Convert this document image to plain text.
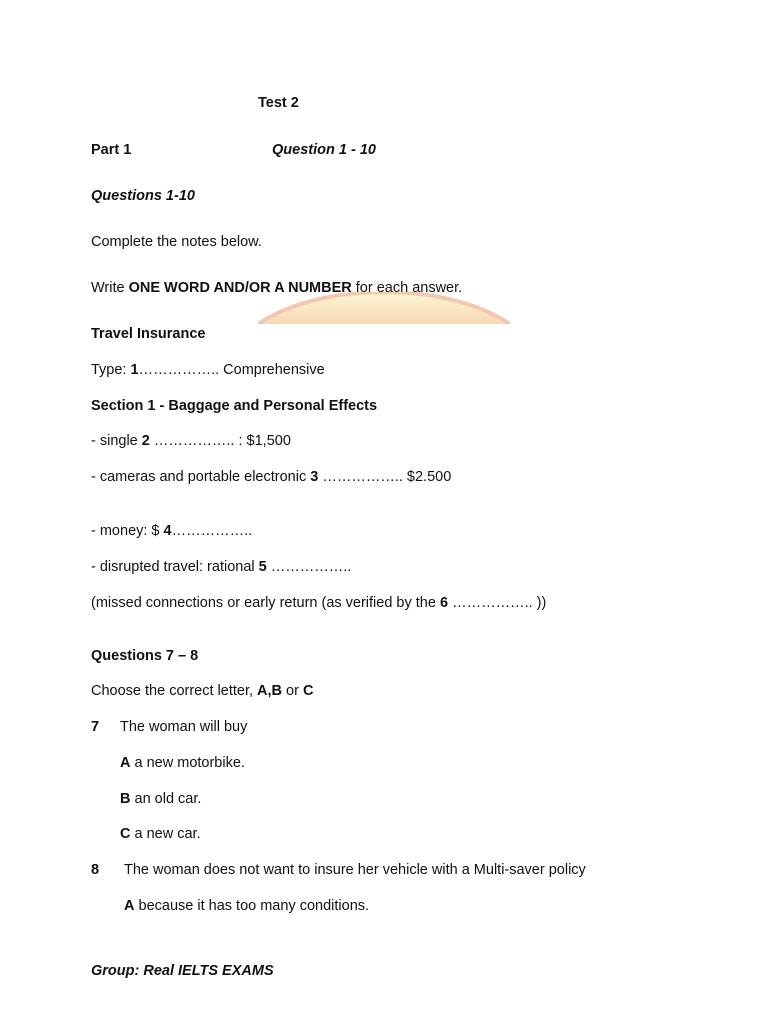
Test 2
Part 1	Question 1 - 10
Questions 1-10
Complete the notes below.
Write ONE WORD AND/OR A NUMBER for each answer.
Travel Insurance
Type: 1…………….. Comprehensive
Section 1 - Baggage and Personal Effects
- single 2 …………….. : $1,500
- cameras and portable electronic 3 …………….. $2.500
- money: $ 4……………..
- disrupted travel: rational 5 ……………..
(missed connections or early return (as verified by the 6 …………….. ))
Questions 7 – 8
Choose the correct letter, A,B or C
7 The woman will buy
A a new motorbike.
B an old car.
C a new car.
8 The woman does not want to insure her vehicle with a Multi-saver policy
A because it has too many conditions.
Group: Real IELTS EXAMS
